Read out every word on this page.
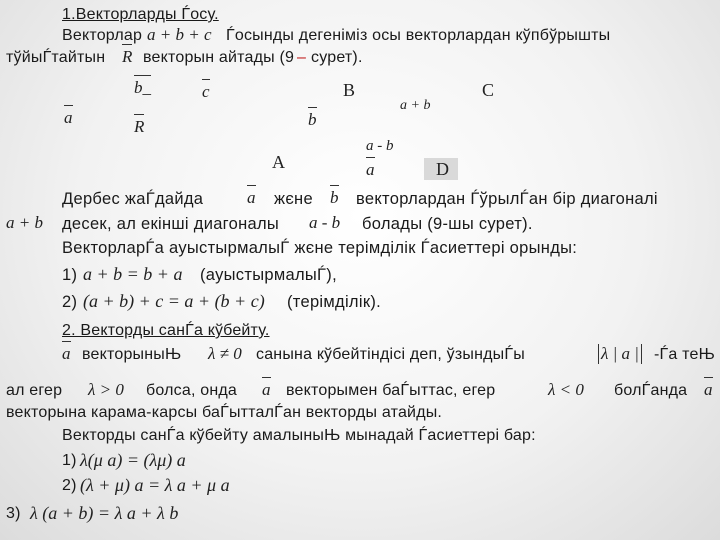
1.Векторларды Ѓосу.
Векторлар a + b + c Ѓосынды дегеніміз осы векторлардан кўпбўрышты
тўйыЃтайтын R векторын айтады (9 – сурет).
b_	c	B	C
a + b
a	b
R
a - b
A	a	D
Дербес жаЃдайда	a жєне b векторлардан ЃўрылЃан бір диагоналі
a + b десек, ал екінші диагоналы a - b болады (9-шы сурет).
ВекторларЃа ауыстырмалыЃ жєне терімділік Ѓасиеттері орынды:
1) a + b = b + a (ауыстырмалыЃ),
2) (a + b) + c = a + (b + c) (терімділік).
2. Векторды санЃа кўбейту.
a векторыныЊ λ ≠ 0 санына кўбейтіндісі деп, ўзындыЃы	λ | a | -Ѓа теЊ
ал егер λ > 0 болса, онда a векторымен баЃыттас, егер	λ < 0 болЃанда a
векторына карама-карсы баЃытталЃан векторды атайды.
Векторды санЃа кўбейту амалыныЊ мынадай Ѓасиеттері бар:
1) λ(μ a) = (λμ) a
2) (λ + μ) a = λ a + μ a
3) λ (a + b) = λ a + λ b
